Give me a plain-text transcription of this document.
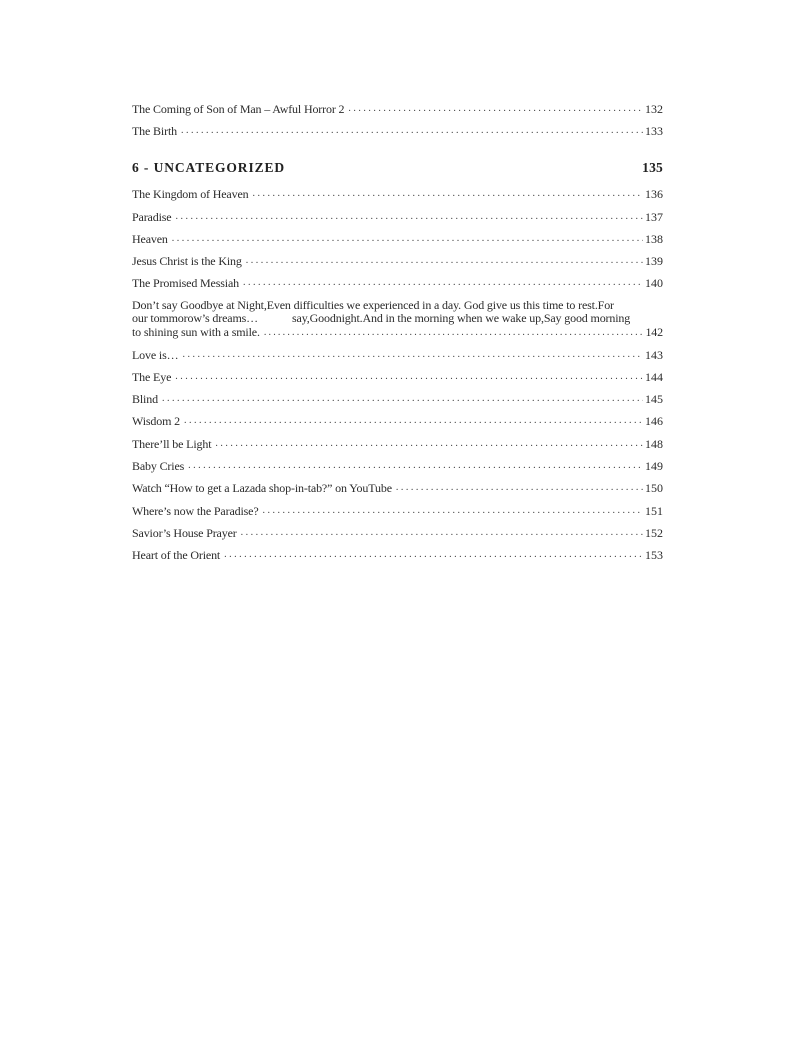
The Coming of Son of Man – Awful Horror 2 . . .	132
The Birth . . .	133
6 - UNCATEGORIZED	135
The Kingdom of Heaven . . .	136
Paradise . . .	137
Heaven . . .	138
Jesus Christ is the King . . .	139
The Promised Messiah . . .	140
Don’t say Goodbye at Night,Even difficulties we experienced in a day. God give us this time to rest.For
our tommorow’s dreams…	say,Goodnight.And in the morning when we wake up,Say good morning
to shining sun with a smile. . . .	142
Love is… . . .	143
The Eye . . .	144
Blind . . .	145
Wisdom 2 . . .	146
There’ll be Light . . .	148
Baby Cries . . .	149
Watch “How to get a Lazada shop-in-tab?” on YouTube . . .	150
Where’s now the Paradise? . . .	151
Savior’s House Prayer . . .	152
Heart of the Orient . . .	153
